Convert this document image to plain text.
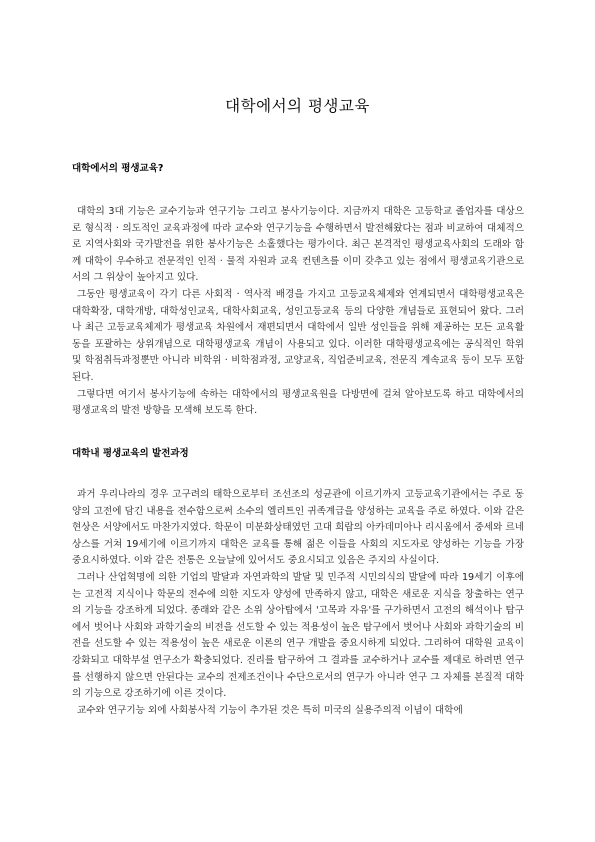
대학에서의 평생교육
대학에서의 평생교육?

대학의 3대 기능은 교수기능과 연구기능 그리고 봉사기능이다. 지금까지 대학은 고등학교 졸업자를 대상으로 형식적 · 의도적인 교육과정에 따라 교수와 연구기능을 수행하면서 발전해왔다는 점과 비교하여 대체적으로 지역사회와 국가발전을 위한 봉사기능은 소홀했다는 평가이다. 최근 본격적인 평생교육사회의 도래와 함께 대학이 우수하고 전문적인 인적 · 물적 자원과 교육 컨텐츠를 이미 갖추고 있는 점에서 평생교육기관으로서의 그 위상이 높아지고 있다.

그동안 평생교육이 각기 다른 사회적 · 역사적 배경을 가지고 고등교육체제와 연계되면서 대학평생교육은 대학확장, 대학개방, 대학성인교육, 대학사회교육, 성인고등교육 등의 다양한 개념들로 표현되어 왔다. 그러나 최근 고등교육체제가 평생교육 차원에서 재편되면서 대학에서 일반 성인들을 위해 제공하는 모든 교육활동을 포괄하는 상위개념으로 대학평생교육 개념이 사용되고 있다. 이러한 대학평생교육에는 공식적인 학위 및 학점취득과정뿐만 아니라 비학위 · 비학점과정, 교양교육, 직업준비교육, 전문직 계속교육 등이 모두 포함된다.

그렇다면 여기서 봉사기능에 속하는 대학에서의 평생교육원을 다방면에 걸쳐 알아보도록 하고 대학에서의 평생교육의 발전 방향을 모색해 보도록 한다.

대학내 평생교육의 발전과정

과거 우리나라의 경우 고구려의 태학으로부터 조선조의 성균관에 이르기까지 고등교육기관에서는 주로 동양의 고전에 담긴 내용을 전수함으로써 소수의 엘리트인 귀족계급을 양성하는 교육을 주로 하였다. 이와 같은 현상은 서양에서도 마찬가지였다. 학문이 미분화상태였던 고대 희랍의 아카데미아나 리시움에서 중세와 르네상스를 거쳐 19세기에 이르기까지 대학은 교육를 통해 젊은 이들을 사회의 지도자로 양성하는 기능을 가장 중요시하였다. 이와 같은 전통은 오늘날에 있어서도 중요시되고 있음은 주지의 사실이다.

그러나 산업혁명에 의한 기업의 발달과 자연과학의 발달 및 민주적 시민의식의 발달에 따라 19세기 이후에는 고전적 지식이나 학문의 전수에 의한 지도자 양성에 만족하지 않고, 대학은 새로운 지식을 창출하는 연구의 기능을 강조하게 되었다. 종래와 같은 소위 상아탑에서 '고목과 자유'를 구가하면서 고전의 해석이나 탐구에서 벗어나 사회와 과학기술의 비전을 선도할 수 있는 적용성이 높은 탐구에서 벗어나 사회와 과학기술의 비전을 선도할 수 있는 적용성이 높은 새로운 이론의 연구 개발을 중요시하게 되었다. 그리하여 대학원 교육이 강화되고 대학부설 연구소가 확충되었다. 진리를 탐구하여 그 결과를 교수하거나 교수를 제대로 하려면 연구를 선행하지 않으면 안된다는 교수의 전제조건이나 수단으로서의 연구가 아니라 연구 그 자체를 본질적 대학의 기능으로 강조하기에 이른 것이다.

교수와 연구기능 외에 사회봉사적 기능이 추가된 것은 특히 미국의 실용주의적 이념이 대학에
